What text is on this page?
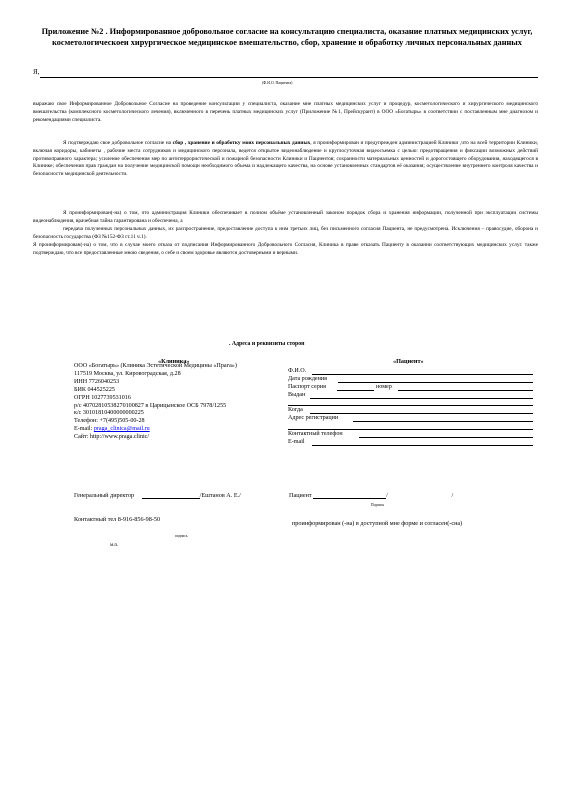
Приложение №2 . Информированное добровольное согласие на консультацию специалиста, оказание платных медицинских услуг, косметологическоеи хирургическое медицинское вмешательство, сбор, хранение и обработку личных персональных данных
Я,
(Ф.И.О. Пациента)
выражаю свое Информированное Добровольное Согласие на проведение консультации у специалиста, оказание мне платных медицинских услуг и процедур, косметологического и хирургического медицинского вмешательства (комплексного косметологического лечения), включенного в перечень платных медицинских услуг (Приложение №1, Прейскурант) в ООО «Богатырь» в соответствии с поставленным мне диагнозом и рекомендациями специалиста.
Я подтверждаю свое добровольное согласие на сбор , хранение и обработку моих персональных данных, я проинформирован и предупрежден администрацией Клиники ,что на всей территории Клиники, включая коридоры, кабинеты , рабочие места сотрудников и медицинского персонала, ведется открытое видеонаблюдение и круглосуточная видеосъемка с целью: предотвращения и фиксации возможных действий противоправного характера; усиление обеспечения мер по антитеррористической и пожарной безопасности Клиники и Пациентов; сохранности материальных ценностей и дорогостоящего оборудования, находящегося в Клинике; обеспечения прав граждан на получение медицинской помощи необходимого объема и надлежащего качества, на основе установленных стандартов её оказания; осуществление внутреннего контроля качества и безопасности медицинской деятельности.
Я проинформирован(-на) о том, что администрация Клиники обеспечивает в полном объёме установленный законом порядок сбора и хранения информации, полученной при эксплуатации системы видеонаблюдения, врачебная тайна гарантирована и обеспечена, а
передача полученных персональных данных, их распространение, предоставление доступа к ним третьих лиц, без письменного согласия Пациента, не предусмотрена. Исключения – правосудие, оборона и безопасность государства (ФЗ №152-ФЗ ст.11 ч.1).
Я проинформирован(-на) о том, что в случае моего отказа от подписания Информированного Добровольного Согласия, Клиника в праве отказать Пациенту в оказании соответствующих медицинских услуг. также подтверждаю, что все предоставленные мною сведения, о себе и своем здоровье являются достоверными и верными.
. Адреса и реквизиты сторон
«Клиника»	«Пациент»
ООО «Богатырь» (Клиника Эстетической Медицины «Прага»)
117519 Москва, ул. Кировоградская, д.28
ИНН 7726040253
БИК 044525225
ОГРН 1027739531016
р/с 40702810538270100827 в Царицынское ОСБ 7978/1255
к/с 30101810400000000225
Телефон: +7(495)505-00-28
E-mail: praga_clinica@mail.ru
Сайт: http://www.praga.clinic/
Ф.И.О.
Дата рождения
Паспорт серия	номер
Выдан
Когда
Адрес регистрации
Контактный телефон
E-mail
Генеральный директор	/Ештанов А. Е./	Пациент	/	/
Подпись
Контактный тел 8-916-856-98-50
проинформирован (-на) в доступной мне форме и согласен(-сна)
подпись
м.п.
